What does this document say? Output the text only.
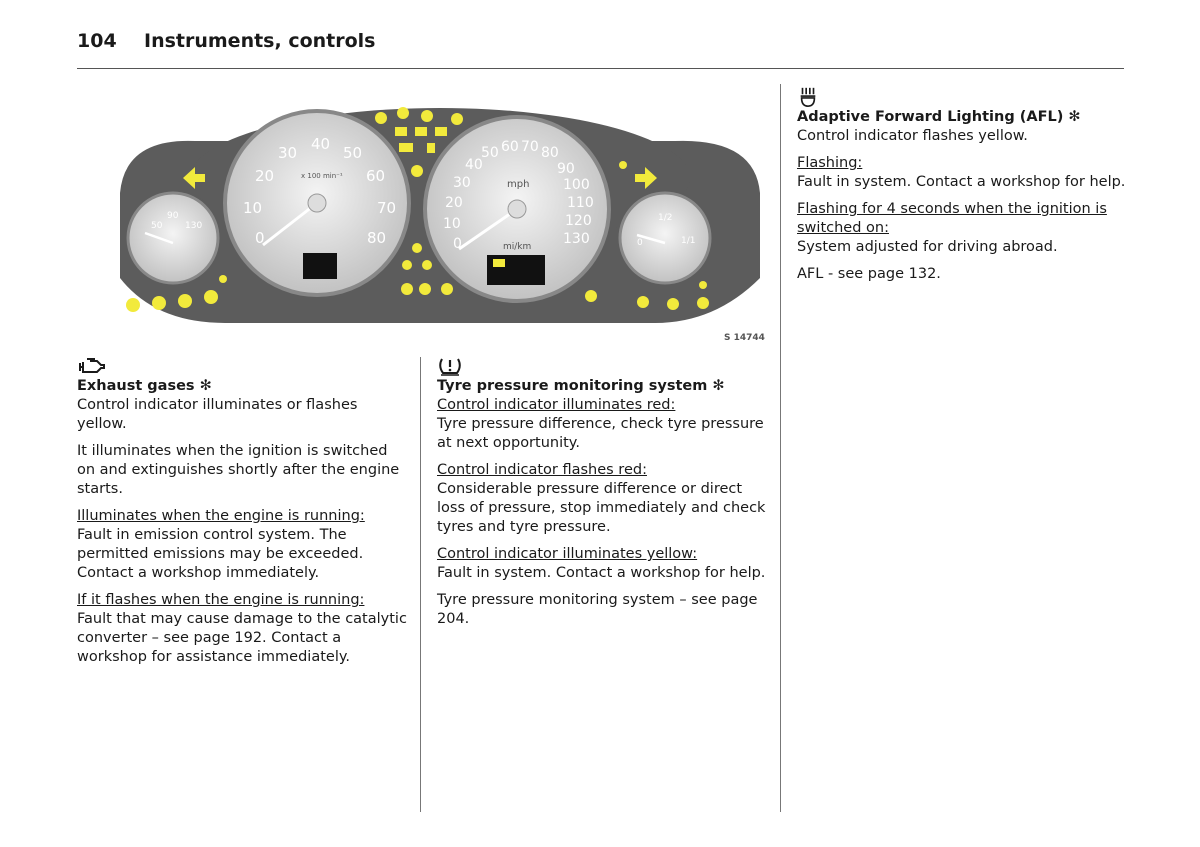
104 Instruments, controls
50
90
130
0
10
20
30 40 50
60
70
80
x 100 min⁻¹
0
10
20
30
40
50 60 70 80
90
100
110
120
130
mph
mi/km	0
1/2
1/1
S 14744

Exhaust gases ✻

Control indicator illuminates or flashes yellow.

It illuminates when the ignition is switched on and extinguishes shortly after the engine starts.

Illuminates when the engine is running:

Fault in emission control system. The permitted emissions may be exceeded. Contact a workshop immediately.

If it flashes when the engine is running:

Fault that may cause damage to the catalytic converter – see page 192. Contact a workshop for assistance immediately.

Tyre pressure monitoring system ✻

Control indicator illuminates red:

Tyre pressure difference, check tyre pressure at next opportunity.

Control indicator flashes red:

Considerable pressure difference or direct loss of pressure, stop immediately and check tyres and tyre pressure.

Control indicator illuminates yellow:

Fault in system. Contact a workshop for help.

Tyre pressure monitoring system – see page 204.

Adaptive Forward Lighting (AFL) ✻

Control indicator flashes yellow.

Flashing:

Fault in system. Contact a workshop for help.

Flashing for 4 seconds when the ignition is switched on:

System adjusted for driving abroad.

AFL - see page 132.
